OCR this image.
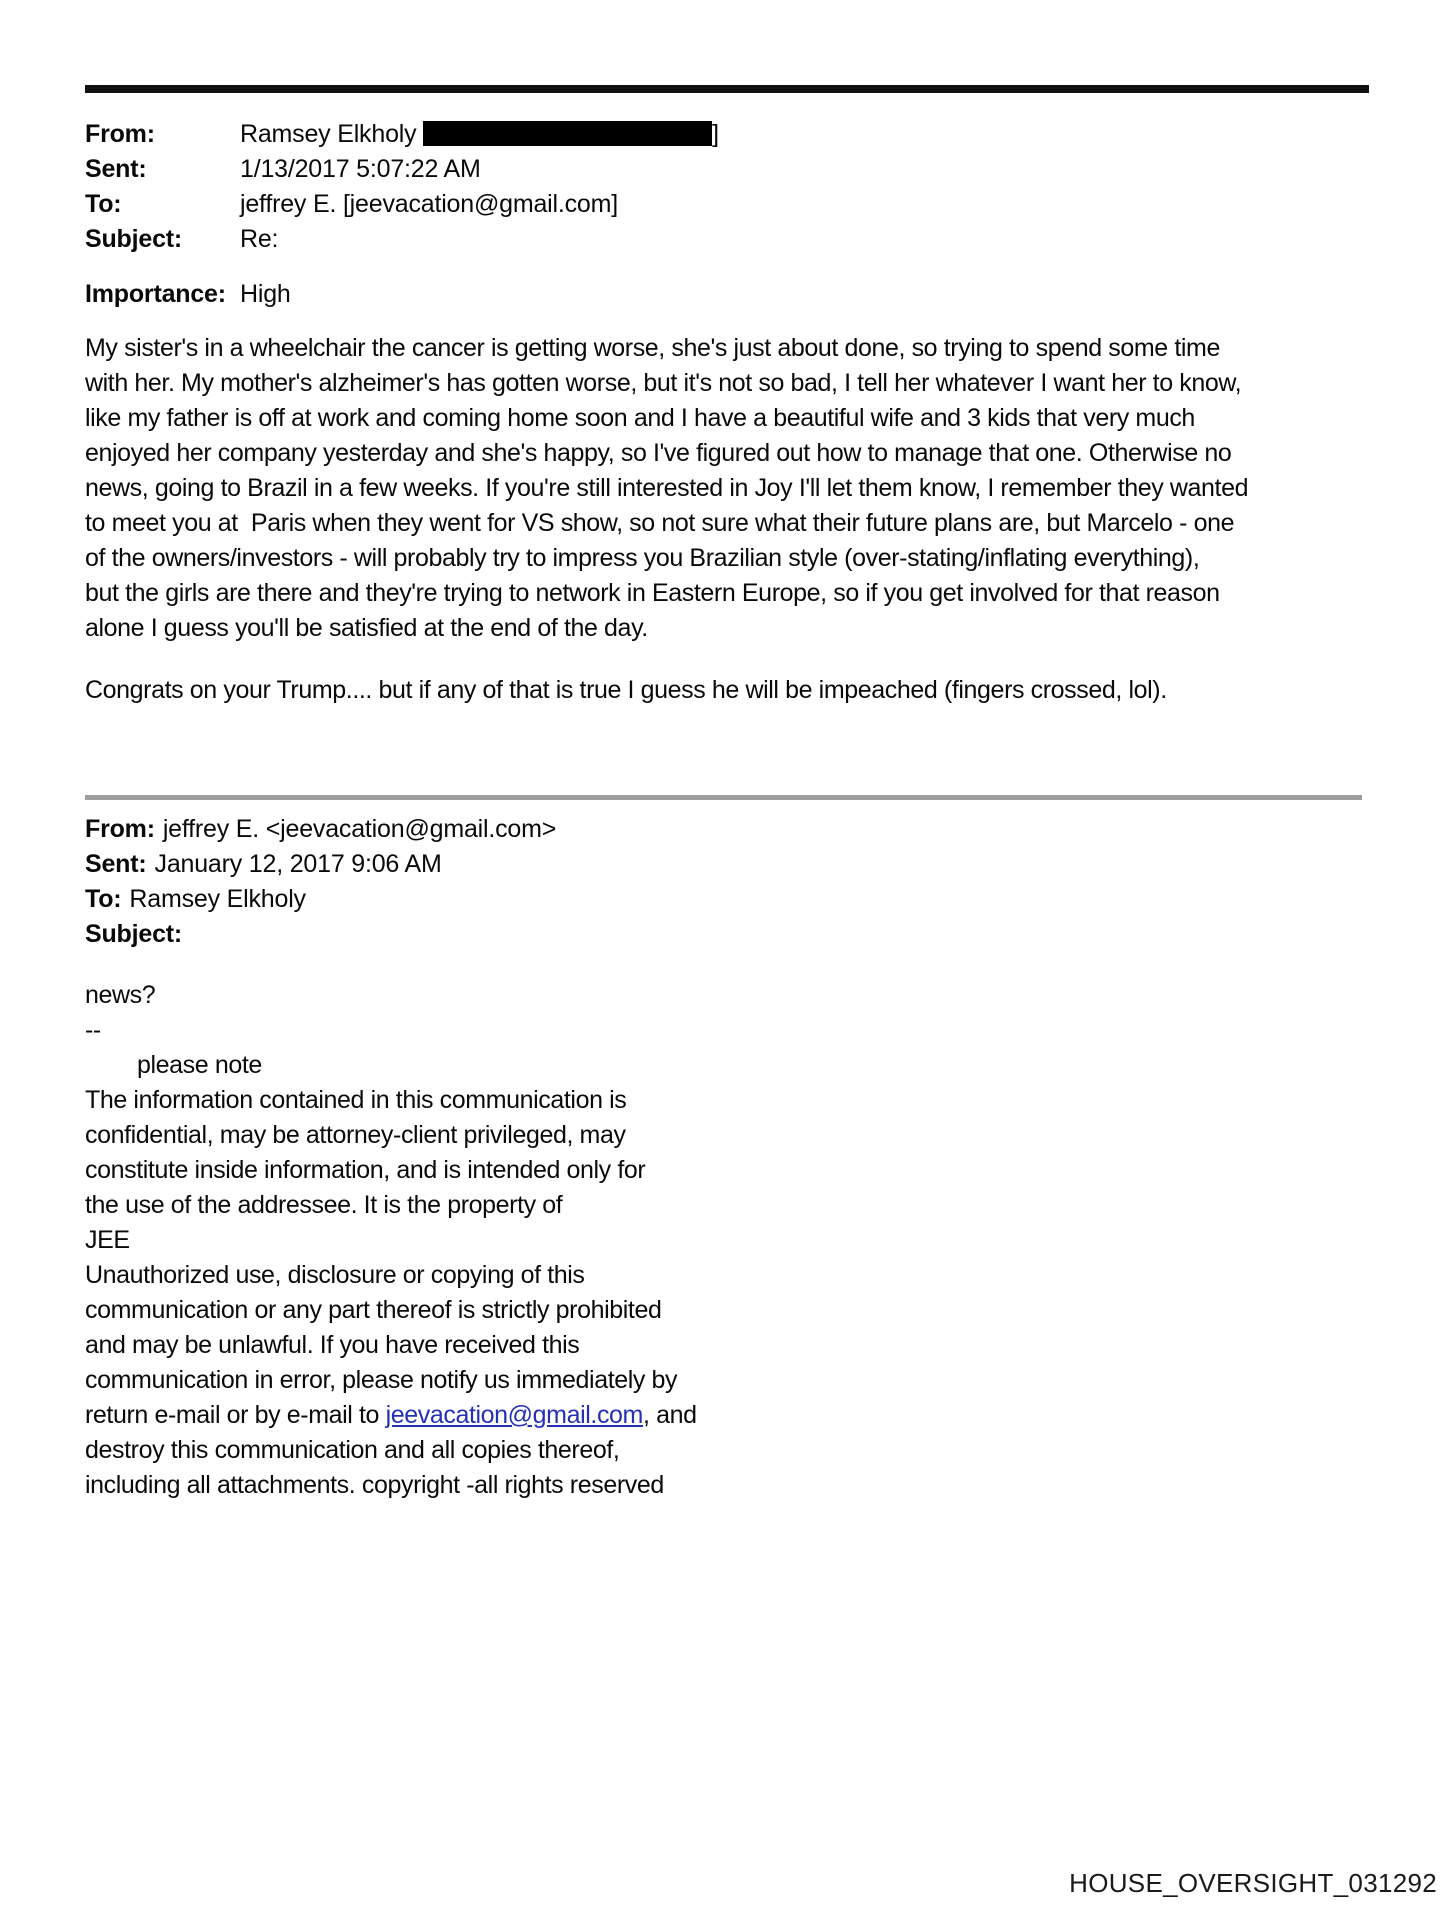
From:	Ramsey Elkholy	]
Sent:	1/13/2017 5:07:22 AM
To:	jeffrey E. [jeevacation@gmail.com]
Subject:	Re:
Importance: High
My sister's in a wheelchair the cancer is getting worse, she's just about done, so trying to spend some time
with her. My mother's alzheimer's has gotten worse, but it's not so bad, I tell her whatever I want her to know,
like my father is off at work and coming home soon and I have a beautiful wife and 3 kids that very much
enjoyed her company yesterday and she's happy, so I've figured out how to manage that one. Otherwise no
news, going to Brazil in a few weeks. If you're still interested in Joy I'll let them know, I remember they wanted
to meet you at  Paris when they went for VS show, so not sure what their future plans are, but Marcelo - one
of the owners/investors - will probably try to impress you Brazilian style (over-stating/inflating everything),
but the girls are there and they're trying to network in Eastern Europe, so if you get involved for that reason
alone I guess you'll be satisfied at the end of the day.
Congrats on your Trump.... but if any of that is true I guess he will be impeached (fingers crossed, lol).
From: jeffrey E. <jeevacation@gmail.com>
Sent: January 12, 2017 9:06 AM
To: Ramsey Elkholy
Subject:
news?
--
please note
The information contained in this communication is
confidential, may be attorney-client privileged, may
constitute inside information, and is intended only for
the use of the addressee. It is the property of
JEE
Unauthorized use, disclosure or copying of this
communication or any part thereof is strictly prohibited
and may be unlawful. If you have received this
communication in error, please notify us immediately by
return e-mail or by e-mail to jeevacation@gmail.com, and
destroy this communication and all copies thereof,
including all attachments. copyright -all rights reserved
HOUSE_OVERSIGHT_031292
